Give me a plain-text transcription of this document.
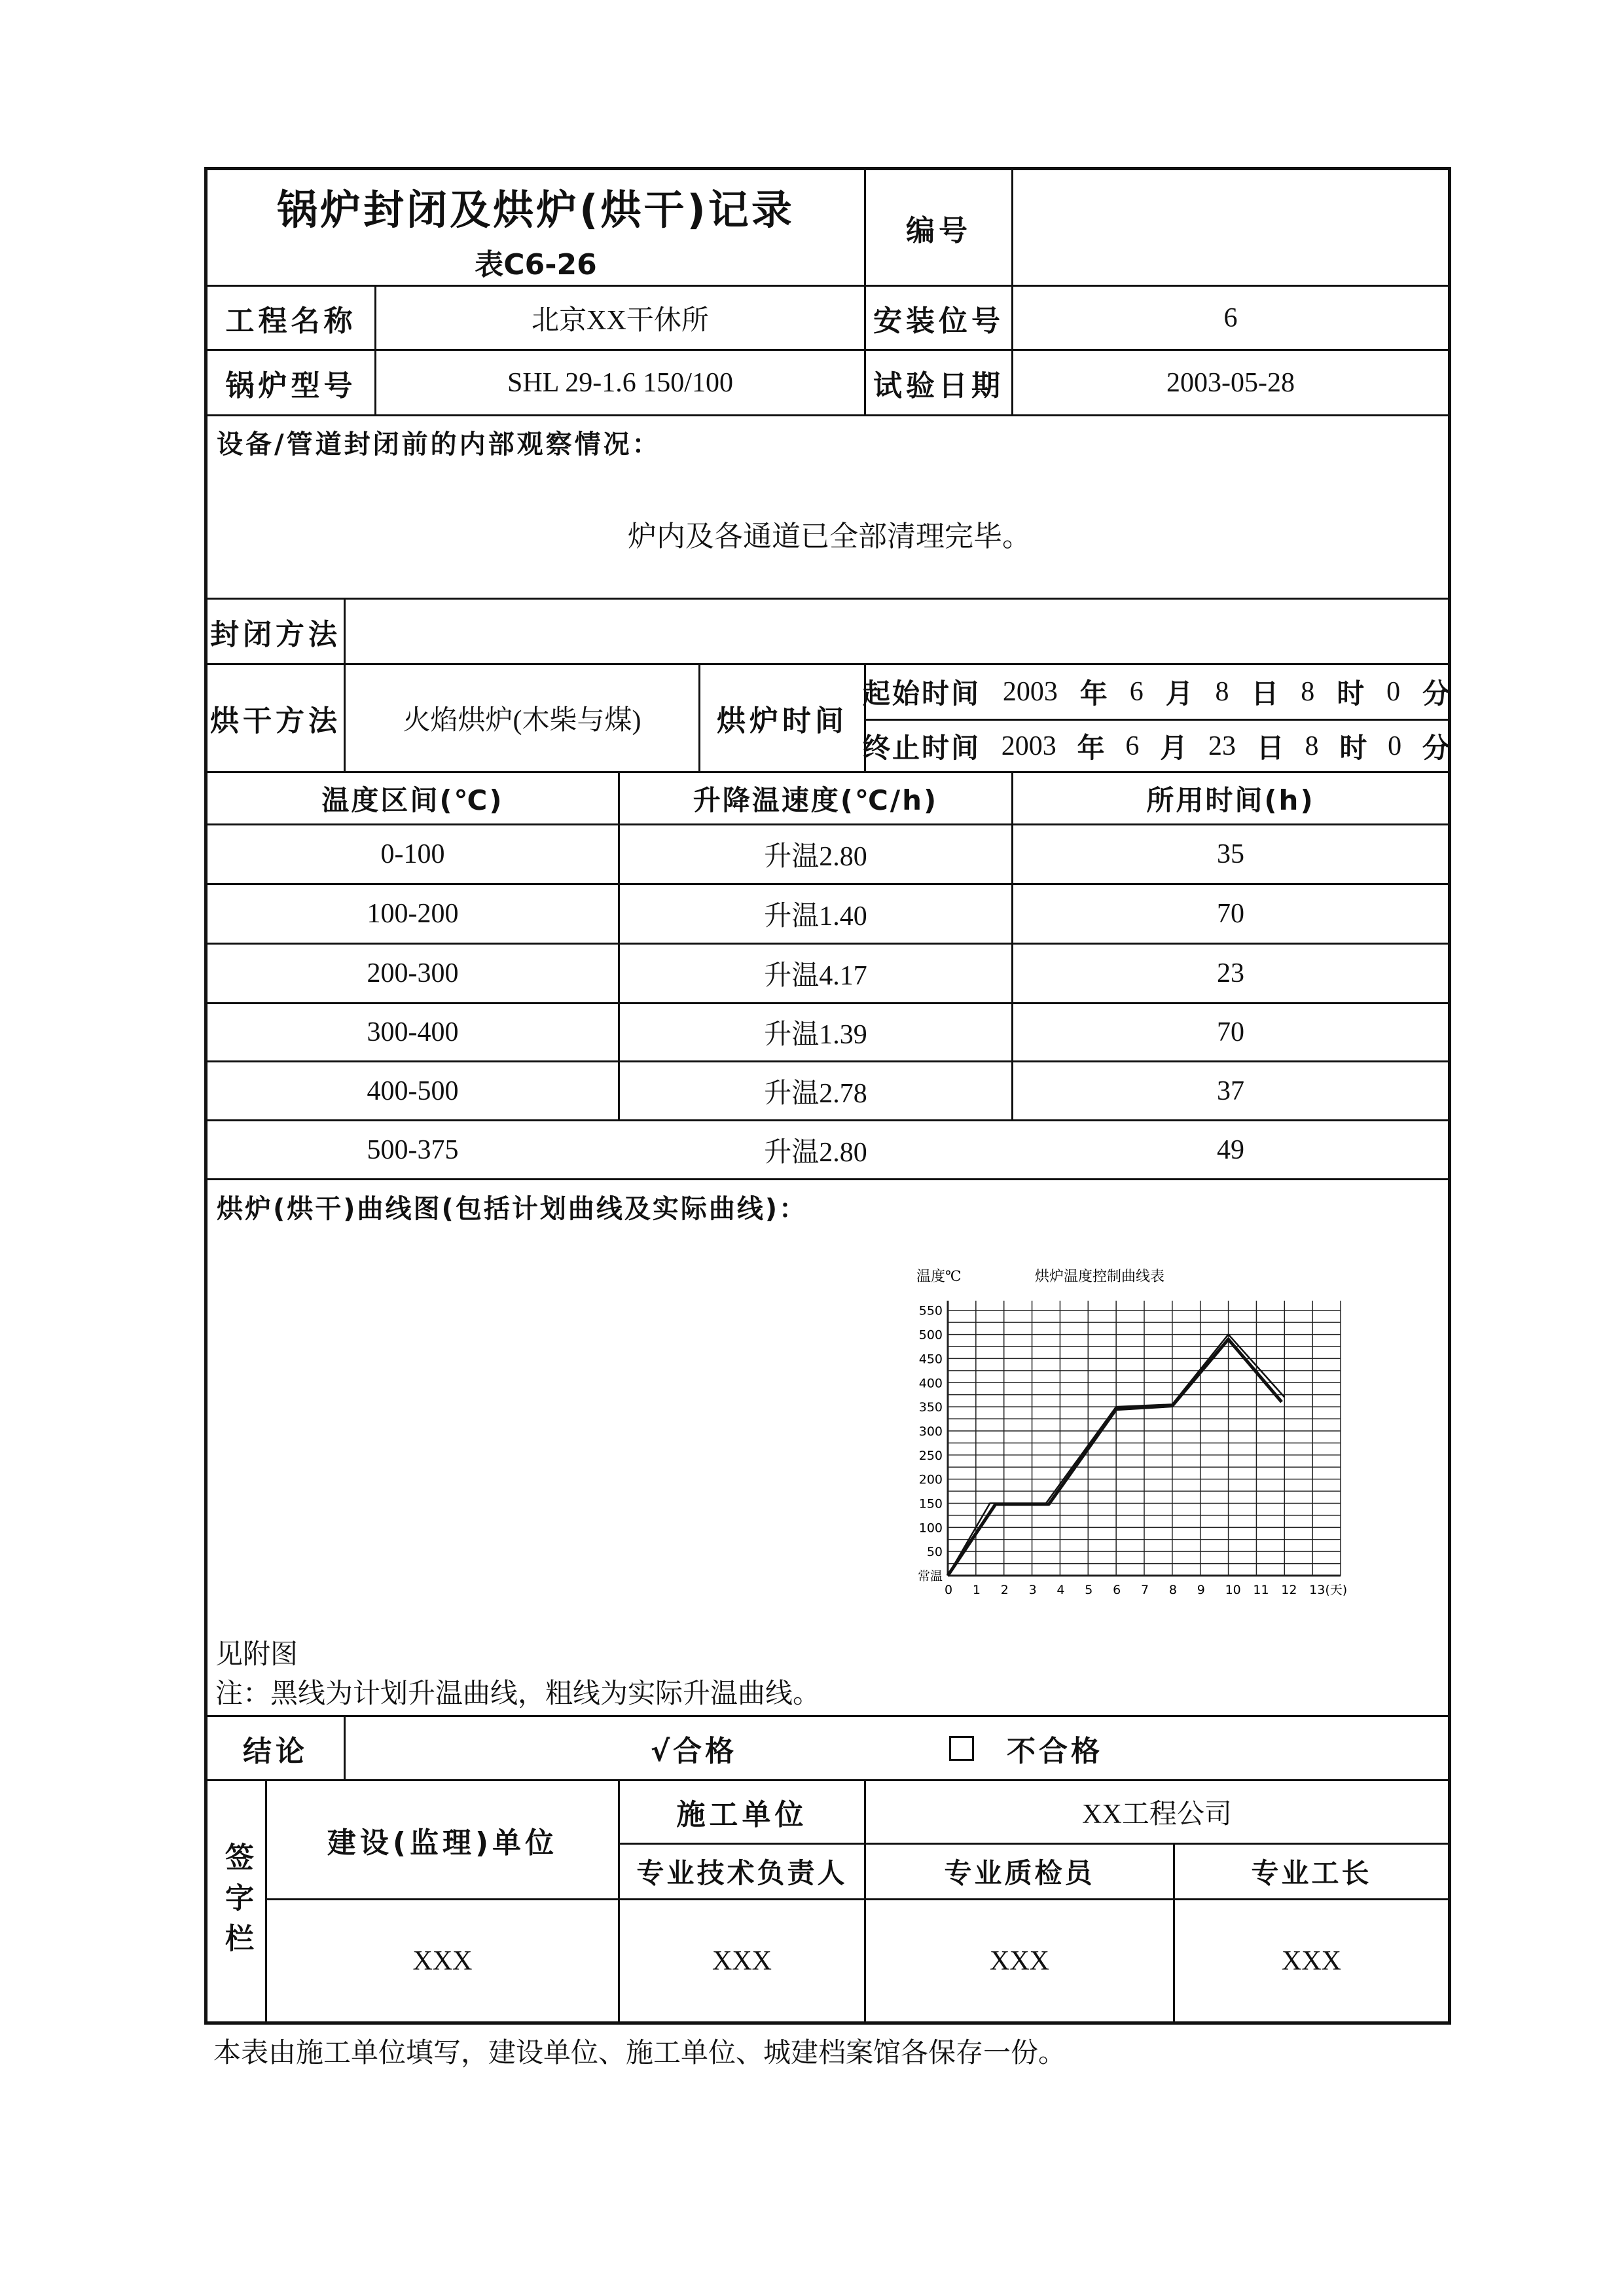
锅炉封闭及烘炉(烘干)记录
表C6-26
编号
工程名称	北京XX干休所	安装位号	6
锅炉型号	SHL 29-1.6 150/100	试验日期	2003-05-28
设备/管道封闭前的内部观察情况：
炉内及各通道已全部清理完毕。
封闭方法
烘干方法	火焰烘炉(木柴与煤)	烘炉时间
起始时间 2003 年 6 月 8 日 8 时 0 分
终止时间 2003 年 6 月 23 日 8 时 0 分
温度区间(℃)	升降温速度(℃/h)	所用时间(h)
0-100	升温2.80	35
100-200	升温1.40	70
200-300	升温4.17	23
300-400	升温1.39	70
400-500	升温2.78	37
500-375	升温2.80	49
烘炉(烘干)曲线图(包括计划曲线及实际曲线)：
烘炉温度控制曲线表
温度℃
常温
50
100
150
200
250
300
350
400
450
500
550
0 1 2 3 4 5 6 7 8 9 10 11 12 13(天)
见附图
注：黑线为计划升温曲线，粗线为实际升温曲线。
结论	√合格	不合格
签字栏	建设(监理)单位
施工单位	XX工程公司
专业技术负责人	专业质检员	专业工长
XXX	XXX	XXX	XXX
本表由施工单位填写，建设单位、施工单位、城建档案馆各保存一份。
